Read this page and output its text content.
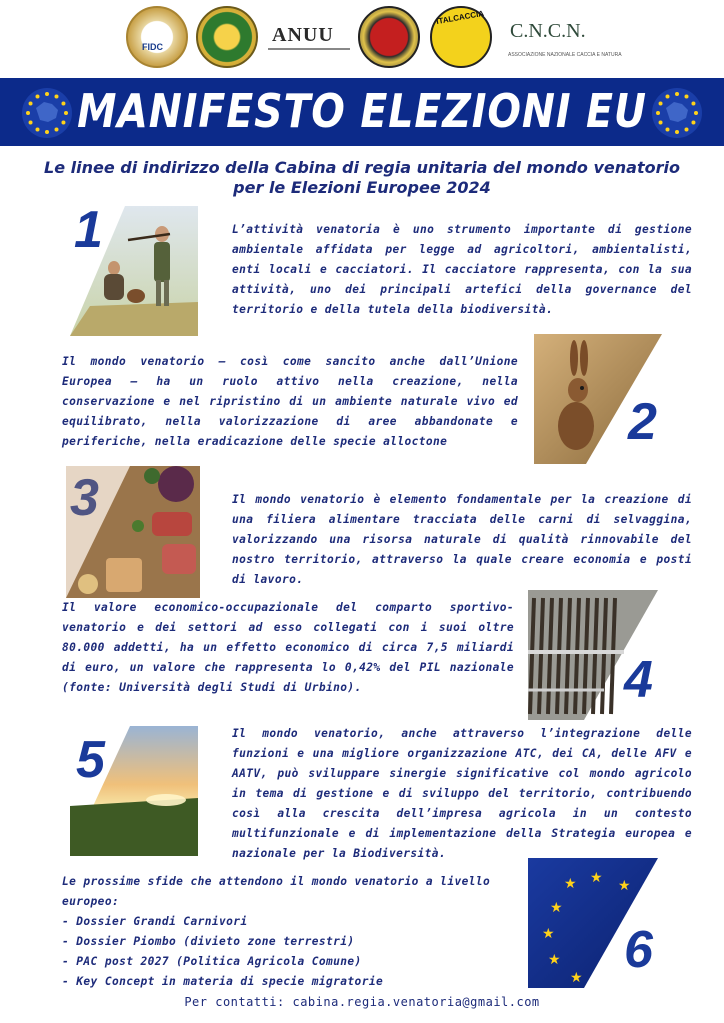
FIDC
ANUU
ITALCACCIA
C.N.C.N.
ASSOCIAZIONE NAZIONALE CACCIA E NATURA
MANIFESTO ELEZIONI EU
Le linee di indirizzo della Cabina di regia unitaria del mondo venatorio
per le Elezioni Europee 2024
1	L’attività venatoria è uno strumento importante di gestione ambientale affidata per legge ad agricoltori, ambientalisti, enti locali e cacciatori. Il cacciatore rappresenta, con la sua attività, uno dei principali artefici della governance del territorio e della tutela della biodiversità.
Il mondo venatorio – così come sancito anche dall’Unione Europea – ha un ruolo attivo nella creazione, nella conservazione e nel ripristino di un ambiente naturale vivo ed equilibrato, nella valorizzazione di aree abbandonate e periferiche, nella eradicazione delle specie alloctone	2
3	Il mondo venatorio è elemento fondamentale per la creazione di una filiera alimentare tracciata delle carni di selvaggina, valorizzando una risorsa naturale di qualità rinnovabile del nostro territorio, attraverso la quale creare economia e posti di lavoro.
Il valore economico-occupazionale del comparto sportivo-venatorio e dei settori ad esso collegati con i suoi oltre 80.000 addetti, ha un effetto economico di circa 7,5 miliardi di euro, un valore che rappresenta lo 0,42% del PIL nazionale (fonte: Università degli Studi di Urbino).	4
5	Il mondo venatorio, anche attraverso l’integrazione delle funzioni e una migliore organizzazione ATC, dei CA, delle AFV e AATV, può sviluppare sinergie significative col mondo agricolo in tema di gestione e di sviluppo del territorio, contribuendo così alla crescita dell’impresa agricola in un contesto multifunzionale e di implementazione della Strategia europea e nazionale per la Biodiversità.
Le prossime sfide che attendono il mondo venatorio a livello europeo:
- Dossier Grandi Carnivori
- Dossier Piombo (divieto zone terrestri)
- PAC post 2027 (Politica Agricola Comune)
- Key Concept in materia di specie migratorie
★ ★ ★
★
★
★
★ 6
Per contatti: cabina.regia.venatoria@gmail.com
